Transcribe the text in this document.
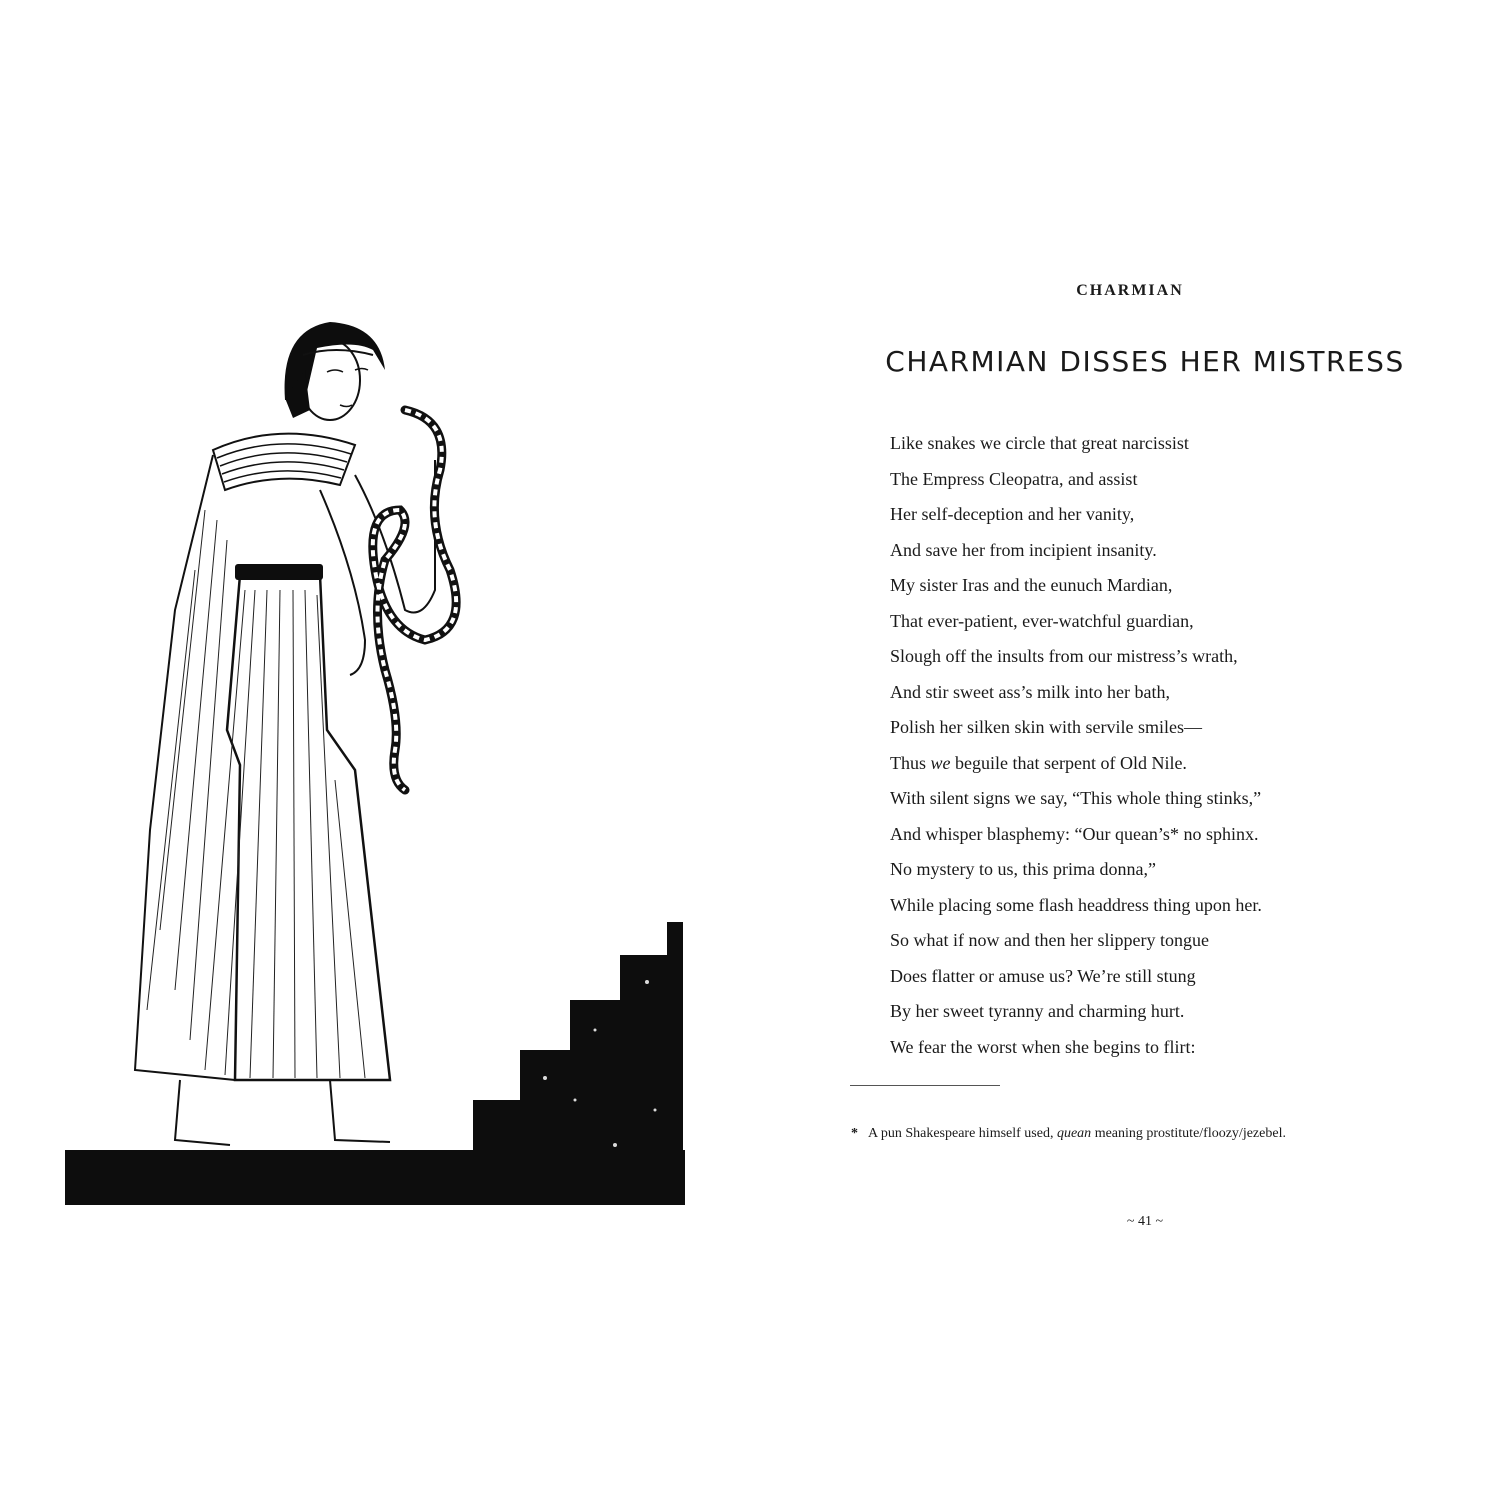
CHARMIAN
CHARMIAN DISSES HER MISTRESS
Like snakes we circle that great narcissist
The Empress Cleopatra, and assist
Her self-deception and her vanity,
And save her from incipient insanity.
My sister Iras and the eunuch Mardian,
That ever-patient, ever-watchful guardian,
Slough off the insults from our mistress’s wrath,
And stir sweet ass’s milk into her bath,
Polish her silken skin with servile smiles—
Thus we beguile that serpent of Old Nile.
With silent signs we say, “This whole thing stinks,”
And whisper blasphemy: “Our quean’s* no sphinx.
No mystery to us, this prima donna,”
While placing some flash headdress thing upon her.
So what if now and then her slippery tongue
Does flatter or amuse us? We’re still stung
By her sweet tyranny and charming hurt.
We fear the worst when she begins to flirt:
* A pun Shakespeare himself used, quean meaning prostitute/floozy/jezebel.
~ 41 ~
